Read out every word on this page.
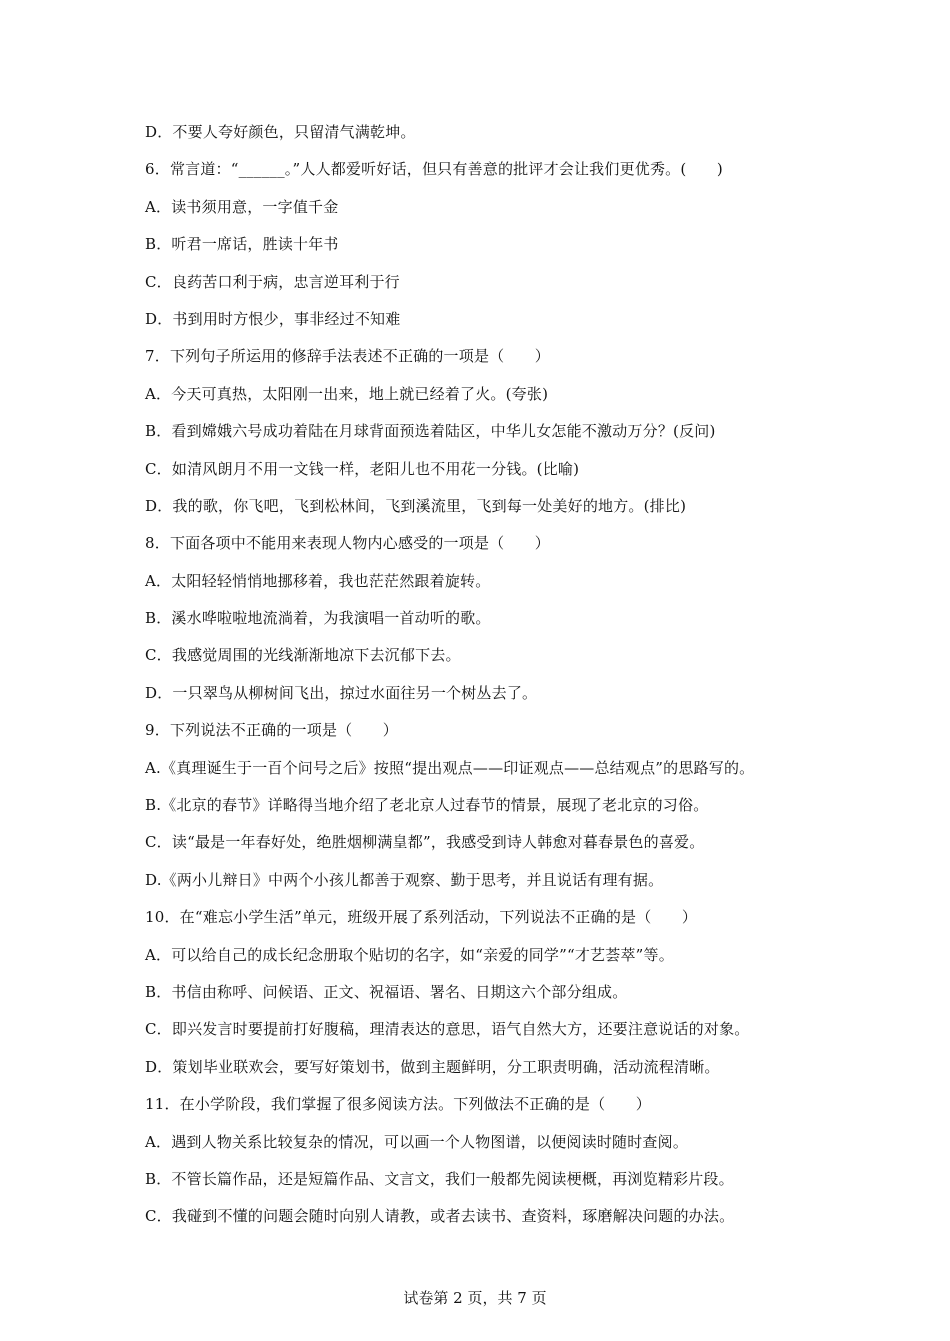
D．不要人夸好颜色，只留清气满乾坤。
6．常言道：“______。”人人都爱听好话，但只有善意的批评才会让我们更优秀。(　　)
A．读书须用意，一字值千金
B．听君一席话，胜读十年书
C．良药苦口利于病，忠言逆耳利于行
D．书到用时方恨少，事非经过不知难
7．下列句子所运用的修辞手法表述不正确的一项是（　　）
A．今天可真热，太阳刚一出来，地上就已经着了火。(夸张)
B．看到嫦娥六号成功着陆在月球背面预选着陆区，中华儿女怎能不激动万分？(反问)
C．如清风朗月不用一文钱一样，老阳儿也不用花一分钱。(比喻)
D．我的歌，你飞吧，飞到松林间，飞到溪流里，飞到每一处美好的地方。(排比)
8．下面各项中不能用来表现人物内心感受的一项是（　　）
A．太阳轻轻悄悄地挪移着，我也茫茫然跟着旋转。
B．溪水哗啦啦地流淌着，为我演唱一首动听的歌。
C．我感觉周围的光线渐渐地凉下去沉郁下去。
D．一只翠鸟从柳树间飞出，掠过水面往另一个树丛去了。
9．下列说法不正确的一项是（　　）
A.《真理诞生于一百个问号之后》按照“提出观点——印证观点——总结观点”的思路写的。
B.《北京的春节》详略得当地介绍了老北京人过春节的情景，展现了老北京的习俗。
C．读“最是一年春好处，绝胜烟柳满皇都”，我感受到诗人韩愈对暮春景色的喜爱。
D.《两小儿辩日》中两个小孩儿都善于观察、勤于思考，并且说话有理有据。
10．在“难忘小学生活”单元，班级开展了系列活动，下列说法不正确的是（　　）
A．可以给自己的成长纪念册取个贴切的名字，如“亲爱的同学”“才艺荟萃”等。
B．书信由称呼、问候语、正文、祝福语、署名、日期这六个部分组成。
C．即兴发言时要提前打好腹稿，理清表达的意思，语气自然大方，还要注意说话的对象。
D．策划毕业联欢会，要写好策划书，做到主题鲜明，分工职责明确，活动流程清晰。
11．在小学阶段，我们掌握了很多阅读方法。下列做法不正确的是（　　）
A．遇到人物关系比较复杂的情况，可以画一个人物图谱，以便阅读时随时查阅。
B．不管长篇作品，还是短篇作品、文言文，我们一般都先阅读梗概，再浏览精彩片段。
C．我碰到不懂的问题会随时向别人请教，或者去读书、查资料，琢磨解决问题的办法。
试卷第 2 页，共 7 页
